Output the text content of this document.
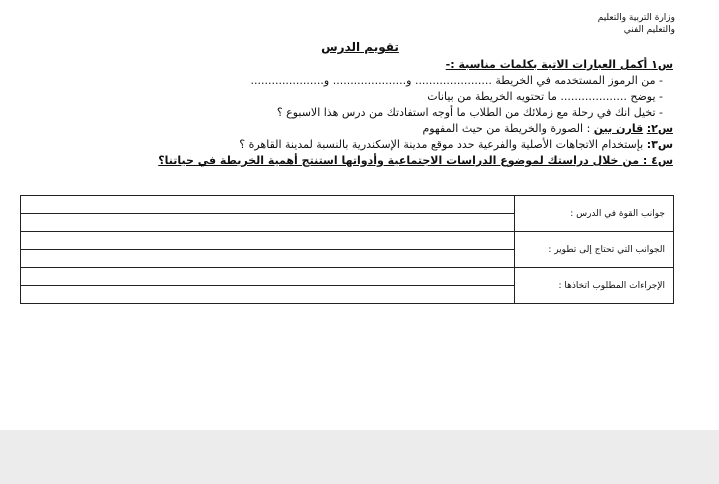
وزارة التربية والتعليم
والتعليم الفني
تقويم الدرس
س١ أكمل العبارات الاتية بكلمات مناسبة :-
- من الرموز المستخدمه في الخريطة ...................... و..................... و.....................
- يوضح ................... ما تحتويه الخريطة من بيانات
- تخيل انك في رحلة مع زملائك من الطلاب ما أوجه استفادتك من درس هذا الاسبوع ؟
س٢: قارن بين : الصورة والخريطة من حيث المفهوم
س٣: بإستخدام الاتجاهات الأصلية والفرعية حدد موقع مدينة الإسكندرية بالنسبة لمدينة القاهرة ؟
س٤ : من خلال دراستك لموضوع الدراسات الاجتماعية وأدواتها استنتج أهمية الخريطة في حياتنا؟
	جوانب القوة في الدرس :

	الجوانب التي تحتاج إلى تطوير :

	الإجراءات المطلوب اتخاذها :
